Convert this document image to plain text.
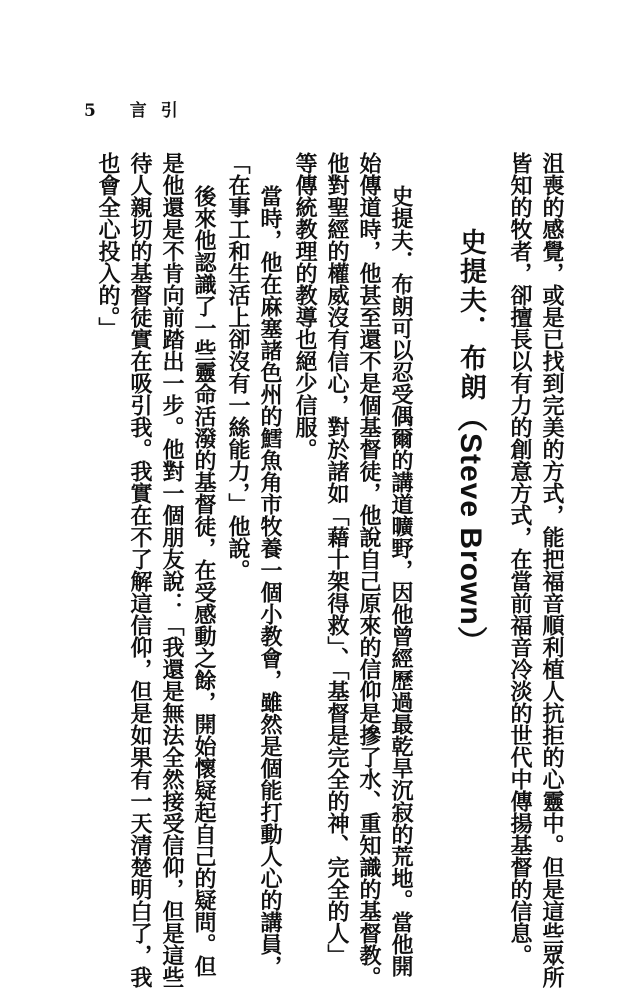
5 言引
沮喪的感覺，或是已找到完美的方式，能把福音順利植人抗拒的心靈中。但是這些眾所
皆知的牧者，卻擅長以有力的創意方式，在當前福音冷淡的世代中傳揚基督的信息。
史提夫．布朗（Steve Brown）
史提夫．布朗可以忍受偶爾的講道曠野，因他曾經歷過最乾旱沉寂的荒地。當他開
始傳道時，他甚至還不是個基督徒，他說自己原來的信仰是摻了水、重知識的基督教。
他對聖經的權威沒有信心，對於諸如「藉十架得救」、「基督是完全的神、完全的人」
等傳統教理的教導也絕少信服。
當時，他在麻塞諸色州的鱈魚角市牧養一個小教會，雖然是個能打動人心的講員，
「在事工和生活上卻沒有一絲能力，」他說。
後來他認識了一些靈命活潑的基督徒，在受感動之餘，開始懷疑起自己的疑問。但
是他還是不肯向前踏出一步。他對一個朋友說：「我還是無法全然接受信仰，但是這些
待人親切的基督徒實在吸引我。我實在不了解這信仰，但是如果有一天清楚明白了，我
也會全心投入的。」
